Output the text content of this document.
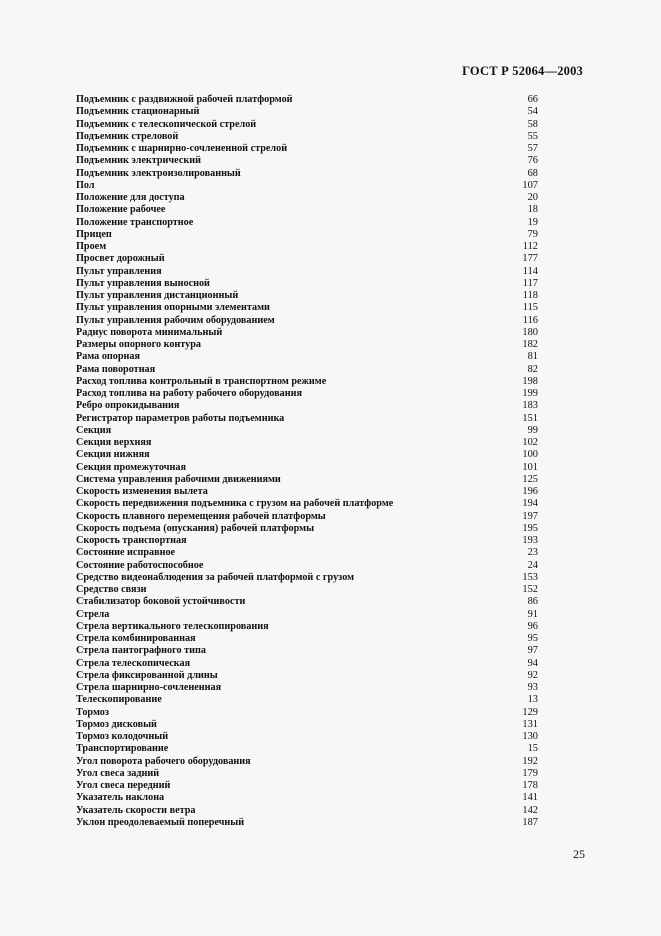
ГОСТ Р 52064—2003
Подъемник с раздвижной рабочей платформой	66
Подъемник стационарный	54
Подъемник с телескопической стрелой	58
Подъемник стреловой	55
Подъемник с шарнирно-сочлененной стрелой	57
Подъемник электрический	76
Подъемник электроизолированный	68
Пол	107
Положение для доступа	20
Положение рабочее	18
Положение транспортное	19
Прицеп	79
Проем	112
Просвет дорожный	177
Пульт управления	114
Пульт управления выносной	117
Пульт управления дистанционный	118
Пульт управления опорными элементами	115
Пульт управления рабочим оборудованием	116
Радиус поворота минимальный	180
Размеры опорного контура	182
Рама опорная	81
Рама поворотная	82
Расход топлива контрольный в транспортном режиме	198
Расход топлива на работу рабочего оборудования	199
Ребро опрокидывания	183
Регистратор параметров работы подъемника	151
Секция	99
Секция верхняя	102
Секция нижняя	100
Секция промежуточная	101
Система управления рабочими движениями	125
Скорость изменения вылета	196
Скорость передвижения подъемника с грузом на рабочей платформе	194
Скорость плавного перемещения рабочей платформы	197
Скорость подъема (опускания) рабочей платформы	195
Скорость транспортная	193
Состояние исправное	23
Состояние работоспособное	24
Средство видеонаблюдения за рабочей платформой с грузом	153
Средство связи	152
Стабилизатор боковой устойчивости	86
Стрела	91
Стрела вертикального телескопирования	96
Стрела комбинированная	95
Стрела пантографного типа	97
Стрела телескопическая	94
Стрела фиксированной длины	92
Стрела шарнирно-сочлененная	93
Телескопирование	13
Тормоз	129
Тормоз дисковый	131
Тормоз колодочный	130
Транспортирование	15
Угол поворота рабочего оборудования	192
Угол свеса задний	179
Угол свеса передний	178
Указатель наклона	141
Указатель скорости ветра	142
Уклон преодолеваемый поперечный	187
25
